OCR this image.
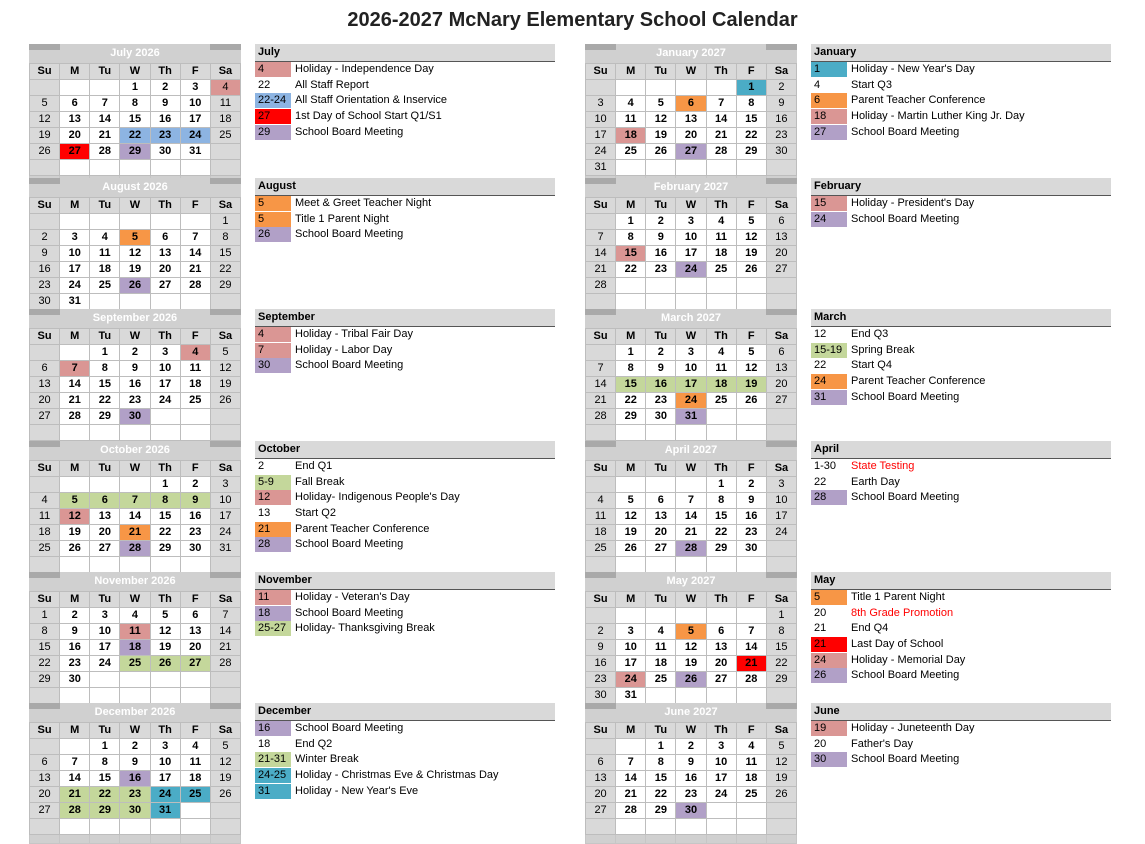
2026-2027 McNary Elementary School Calendar
July 2026
Su	M	Tu	W	Th	F	Sa
			1	2	3	4
5	6	7	8	9	10	11
12	13	14	15	16	17	18
19	20	21	22	23	24	25
26	27	28	29	30	31	

August 2026
Su	M	Tu	W	Th	F	Sa
						1
2	3	4	5	6	7	8
9	10	11	12	13	14	15
16	17	18	19	20	21	22
23	24	25	26	27	28	29
30	31					

September 2026
Su	M	Tu	W	Th	F	Sa
		1	2	3	4	5
6	7	8	9	10	11	12
13	14	15	16	17	18	19
20	21	22	23	24	25	26
27	28	29	30			

October 2026
Su	M	Tu	W	Th	F	Sa
				1	2	3
4	5	6	7	8	9	10
11	12	13	14	15	16	17
18	19	20	21	22	23	24
25	26	27	28	29	30	31

November 2026
Su	M	Tu	W	Th	F	Sa
1	2	3	4	5	6	7
8	9	10	11	12	13	14
15	16	17	18	19	20	21
22	23	24	25	26	27	28
29	30					

December 2026
Su	M	Tu	W	Th	F	Sa
		1	2	3	4	5
6	7	8	9	10	11	12
13	14	15	16	17	18	19
20	21	22	23	24	25	26
27	28	29	30	31		

January 2027
Su	M	Tu	W	Th	F	Sa
					1	2
3	4	5	6	7	8	9
10	11	12	13	14	15	16
17	18	19	20	21	22	23
24	25	26	27	28	29	30
31						

February 2027
Su	M	Tu	W	Th	F	Sa
	1	2	3	4	5	6
7	8	9	10	11	12	13
14	15	16	17	18	19	20
21	22	23	24	25	26	27
28						

March 2027
Su	M	Tu	W	Th	F	Sa
	1	2	3	4	5	6
7	8	9	10	11	12	13
14	15	16	17	18	19	20
21	22	23	24	25	26	27
28	29	30	31			

April 2027
Su	M	Tu	W	Th	F	Sa
				1	2	3
4	5	6	7	8	9	10
11	12	13	14	15	16	17
18	19	20	21	22	23	24
25	26	27	28	29	30	

May 2027
Su	M	Tu	W	Th	F	Sa
						1
2	3	4	5	6	7	8
9	10	11	12	13	14	15
16	17	18	19	20	21	22
23	24	25	26	27	28	29
30	31					

June 2027
Su	M	Tu	W	Th	F	Sa
		1	2	3	4	5
6	7	8	9	10	11	12
13	14	15	16	17	18	19
20	21	22	23	24	25	26
27	28	29	30			

July
4	Holiday - Independence Day
22	All Staff Report
22-24 All Staff Orientation & Inservice
27	1st Day of School Start Q1/S1
29	School Board Meeting
August
5	Meet & Greet Teacher Night
5	Title 1 Parent Night
26	School Board Meeting
September
4	Holiday - Tribal Fair Day
7	Holiday - Labor Day
30	School Board Meeting
October
2	End Q1
5-9	Fall Break
12	Holiday- Indigenous People's Day
13	Start Q2
21	Parent Teacher Conference
28	School Board Meeting
November
11	Holiday - Veteran's Day
18	School Board Meeting
25-27 Holiday- Thanksgiving Break
December
16	School Board Meeting
18	End Q2
21-31 Winter Break
24-25 Holiday - Christmas Eve & Christmas Day
31	Holiday - New Year's Eve
January
1	Holiday - New Year's Day
4	Start Q3
6	Parent Teacher Conference
18	Holiday - Martin Luther King Jr. Day
27	School Board Meeting
February
15	Holiday - President's Day
24	School Board Meeting
March
12	End Q3
15-19 Spring Break
22	Start Q4
24	Parent Teacher Conference
31	School Board Meeting
April
1-30	State Testing
22	Earth Day
28	School Board Meeting
May
5	Title 1 Parent Night
20	8th Grade Promotion
21	End Q4
21	Last Day of School
24	Holiday - Memorial Day
26	School Board Meeting
June
19	Holiday - Juneteenth Day
20	Father's Day
30	School Board Meeting
